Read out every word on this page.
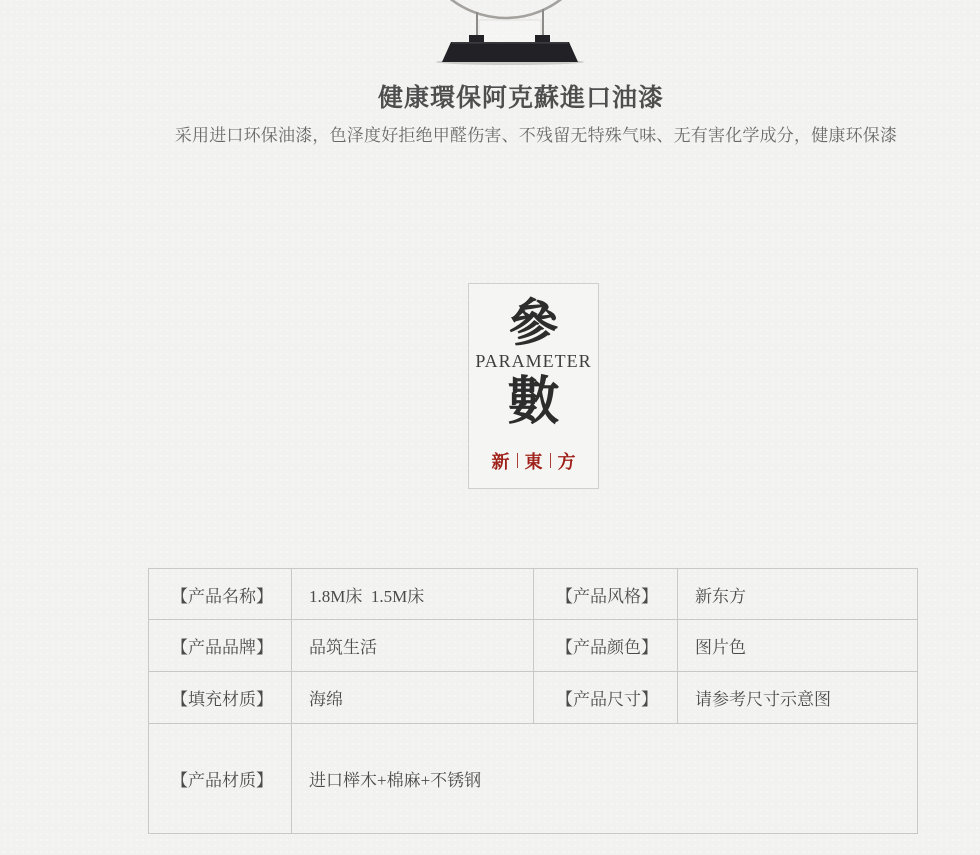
健康環保阿克蘇進口油漆
采用进口环保油漆，色泽度好拒绝甲醛伤害、不残留无特殊气味、无有害化学成分，健康环保漆
參
PARAMETER
數
新 東 方
【产品名称】	1.8M床  1.5M床	【产品风格】	新东方
【产品品牌】	品筑生活	【产品颜色】	图片色
【填充材质】	海绵	【产品尺寸】	请参考尺寸示意图
【产品材质】	进口榉木+棉麻+不锈钢		
